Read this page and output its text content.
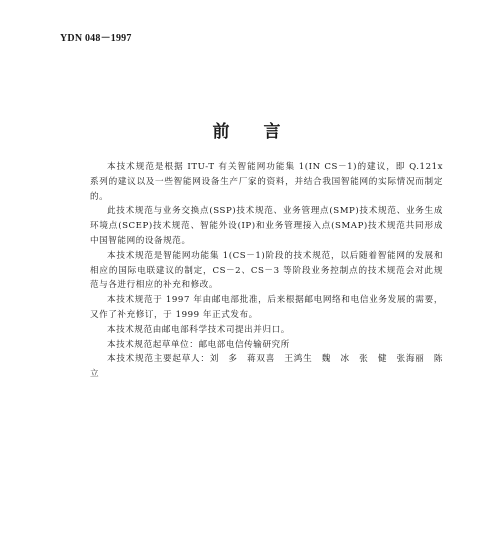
YDN 048－1997
前 言

本技术规范是根据 ITU-T 有关智能网功能集 1(IN CS－1)的建议，即 Q.121x 系列的建议以及一些智能网设备生产厂家的资料，并结合我国智能网的实际情况而制定的。

此技术规范与业务交换点(SSP)技术规范、业务管理点(SMP)技术规范、业务生成环境点(SCEP)技术规范、智能外设(IP)和业务管理接入点(SMAP)技术规范共同形成中国智能网的设备规范。

本技术规范是智能网功能集 1(CS－1)阶段的技术规范，以后随着智能网的发展和相应的国际电联建议的制定，CS－2、CS－3 等阶段业务控制点的技术规范会对此规范与各进行相应的补充和修改。

本技术规范于 1997 年由邮电部批准，后来根据邮电网络和电信业务发展的需要，又作了补充修订，于 1999 年正式发布。

本技术规范由邮电部科学技术司提出并归口。

本技术规范起草单位：邮电部电信传输研究所

本技术规范主要起草人：刘　多　蒋双喜　王鸿生　魏　冰　张　健　张海丽　陈　立
